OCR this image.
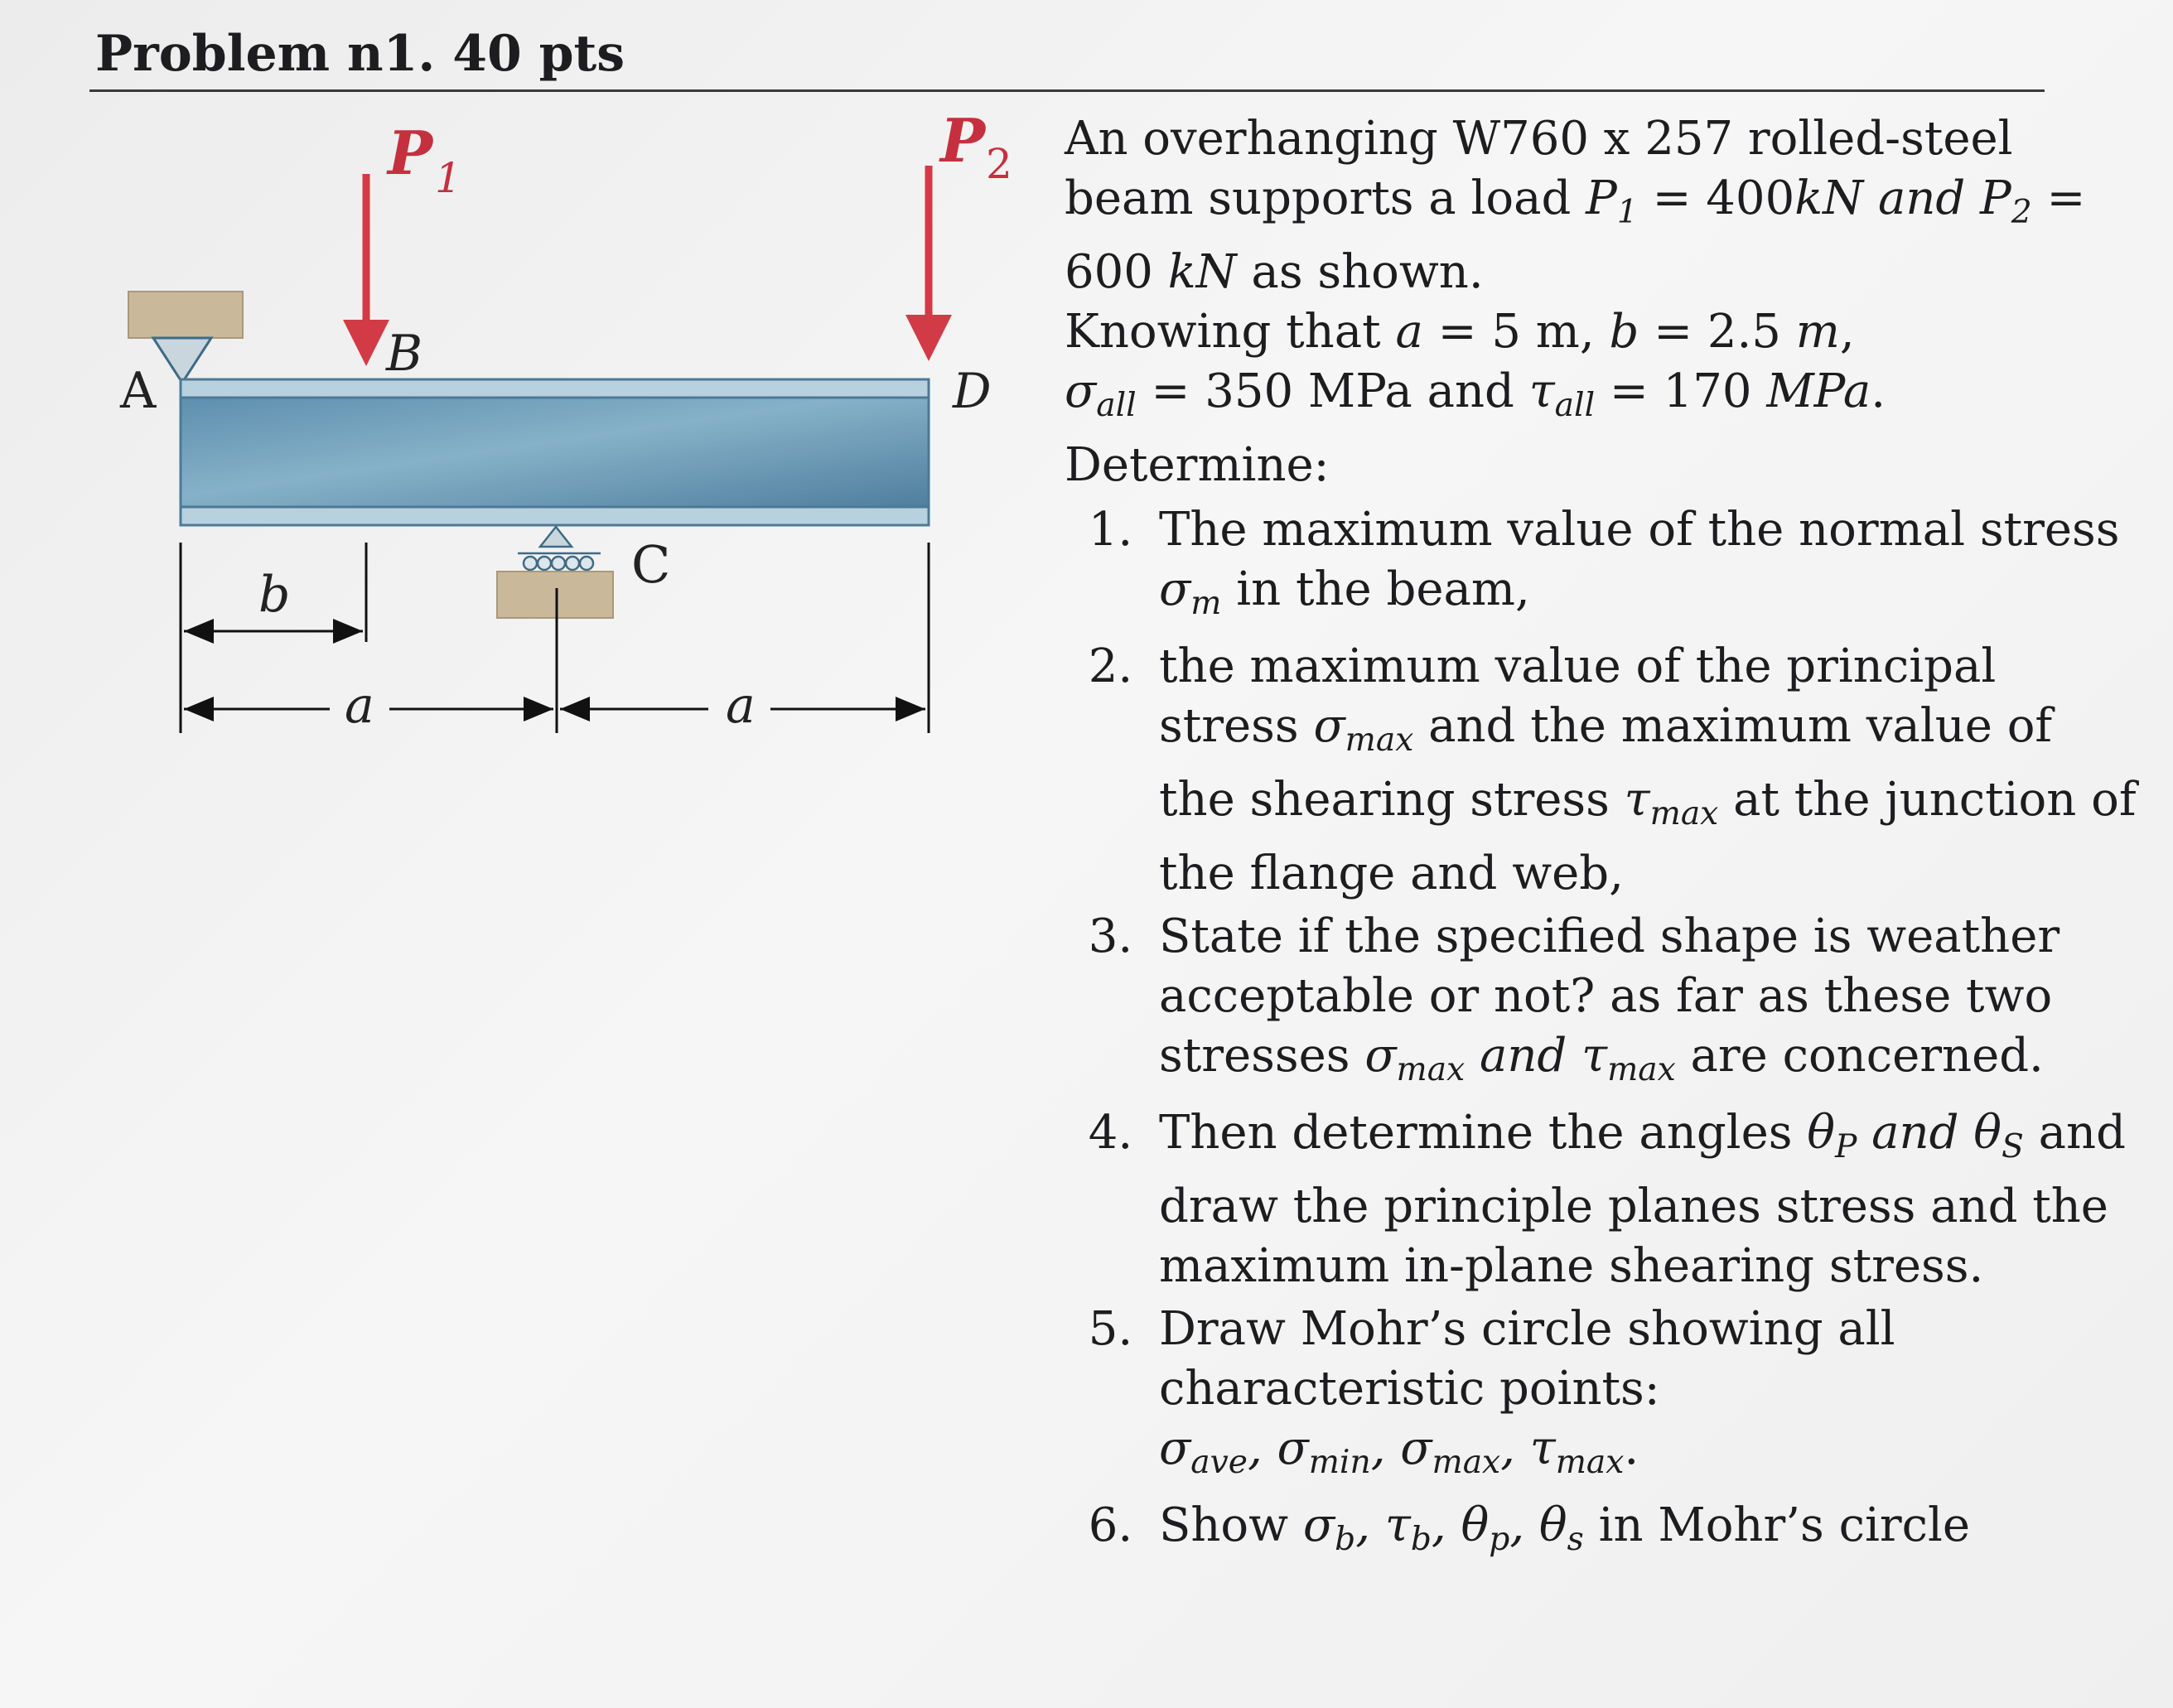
Problem n1. 40 pts
P 1
P 2
A
B
C
D
b
a	a

An overhanging W760 x 257 rolled-steel

beam supports a load $P_1 = 400kN$ and $P_2$ =

600 kN as shown.

Knowing that a = 5 m, b = 2.5 m,

$\sigma_{all} = 350$ MPa and $\tau_{all} = 170$ MPa.

Determine:

1. The maximum value of the normal stress $\sigma_m$ in the beam,
2. the maximum value of the principal stress $\sigma_{max}$ and the maximum value of the shearing stress $\tau_{max}$ at the junction of the flange and web,
3. State if the specified shape is weather acceptable or not? as far as these two stresses $\sigma_{max}$ and $\tau_{max}$ are concerned.
4. Then determine the angles $\theta_P$ and $\theta_S$ and draw the principle planes stress and the maximum in-plane shearing stress.
5. Draw Mohr’s circle showing all characteristic points:
$\sigma_{ave}$, $\sigma_{min}$, $\sigma_{max}$, $\tau_{max}$.
6. Show $\sigma_b$, $\tau_b$, $\theta_p$, $\theta_s$ in Mohr’s circle
